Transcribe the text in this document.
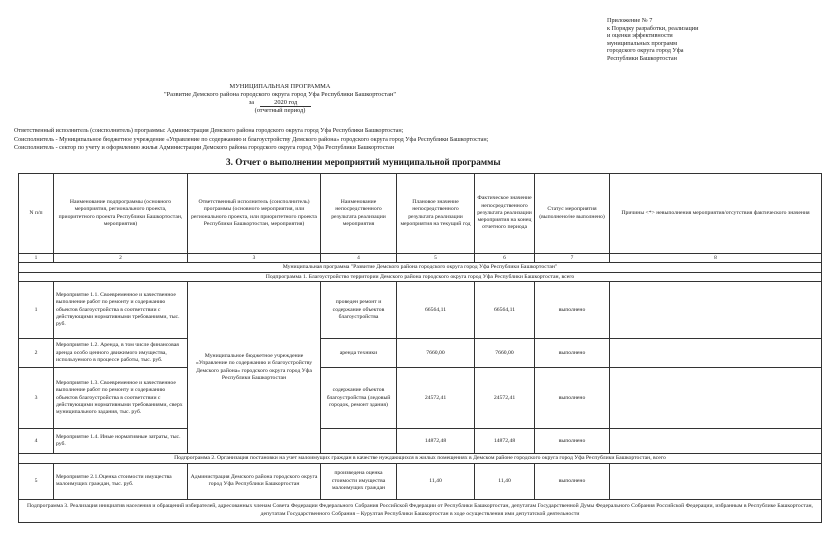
Приложение № 7
к Порядку разработки, реализации
и оценки эффективности
муниципальных программ
городского округа город Уфа
Республики Башкортостан
МУНИЦИПАЛЬНАЯ ПРОГРАММА
"Развитие Демского района городского округа город Уфа Республики Башкортостан"
за	2020 год
(отчетный период)
Ответственный исполнитель (соисполнитель) программы: Администрация Демского района городского округа город Уфа Республики Башкортостан;
Соисполнитель - Муниципальное бюджетное учреждение «Управление по содержанию и благоустройству Демского района» городского округа город Уфа Республики Башкортостан;
Соисполнитель - сектор по учету и оформлению жилья Администрации Демского района городского округа город Уфа Республики Башкортостан
3. Отчет о выполнении мероприятий муниципальной программы
N п/п	Наименование подпрограммы (основного мероприятия, регионального проекта, приоритетного проекта Республики Башкортостан, мероприятия)	Ответственный исполнитель (соисполнитель) программы (основного мероприятия, или регионального проекта, или приоритетного проекта Республики Башкортостан, мероприятия)	Наименование непосредственного результата реализации мероприятия	Плановое значение непосредственного результата реализации мероприятия на текущий год	Фактическое значение непосредственного результата реализации мероприятия на конец отчетного периода	Статус мероприятия (выполнено/не выполнено)	Причины <*> невыполнения мероприятия/отсутствия фактического значения
1	2	3	4	5	6	7	8
Муниципальная программа "Развитие Демского района городского округа город Уфа Республики Башкортостан"							
Подпрограмма 1. Благоустройство территории Демского района городского округа город Уфа Республики Башкортостан, всего							
1	Мероприятие 1.1. Своевременное и качественное выполнение работ по ремонту и содержанию объектов благоустройства в соответствии с действующими нормативными требованиями, тыс. руб.	Муниципальное бюджетное учреждение «Управление по содержанию и благоустройству Демского района» городского округа город Уфа Республики Башкортостан	проведен ремонт и содержание объектов благоустройства	66564,11	66564,11	выполнено	
2	Мероприятие 1.2. Аренда, в том числе финансовая аренда особо ценного движимого имущества, используемого в процессе работы, тыс. руб.		аренда техники	7660,00	7660,00	выполнено	
3	Мероприятие 1.3. Своевременное и качественное выполнение работ по ремонту и содержанию объектов благоустройства в соответствии с действующими нормативными требованиями, сверх муниципального задания, тыс. руб.		содержание объектов благоустройства (ледовый городок, ремонт здания)	24572,41	24572,41	выполнено	
4	Мероприятие 1.4. Иные нормативные затраты, тыс. руб.			14872,48	14872,48	выполнено	
Подпрограмма 2. Организация постановки на учет малоимущих граждан в качестве нуждающихся в жилых помещениях в Демском районе городского округа город Уфа Республики Башкортостан, всего							
5	Мероприятие 2.1.Оценка стоимости имущества малоимущих граждан, тыс. руб.	Администрация Демского района городского округа город Уфа Республики Башкортостан	произведена оценка стоимости имущества малоимущих граждан	11,40	11,40	выполнено	
Подпрограмма 3. Реализация инициатив населения и обращений избирателей, адресованных членам Совета Федерации Федерального Собрания Российской Федерации от Республики Башкортостан, депутатам Государственной Думы Федерального Собрания Российской Федерации, избранным в Республике Башкортостан, депутатам Государственного Собрания – Курултая Республики Башкортостан в ходе осуществления ими депутатской деятельности							
